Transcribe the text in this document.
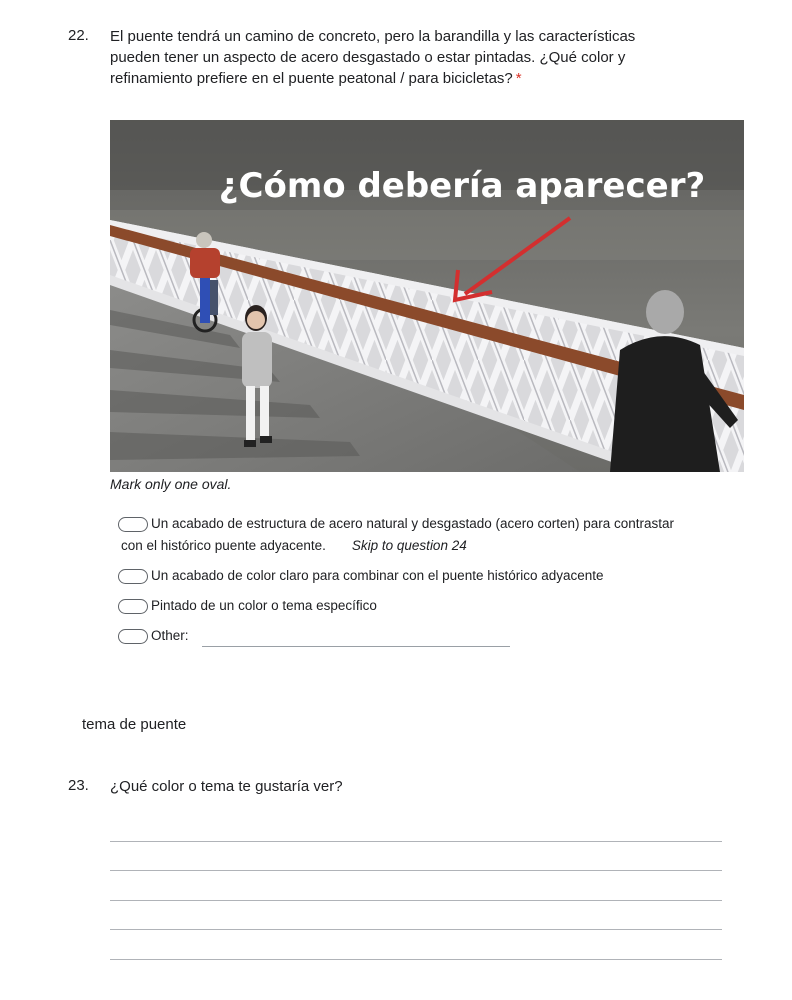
22. El puente tendrá un camino de concreto, pero la barandilla y las características
pueden tener un aspecto de acero desgastado o estar pintadas. ¿Qué color y
refinamiento prefiere en el puente peatonal / para bicicletas? *
¿Cómo debería aparecer?
Mark only one oval.
Un acabado de estructura de acero natural y desgastado (acero corten) para contrastar
con el histórico puente adyacente. Skip to question 24
Un acabado de color claro para combinar con el puente histórico adyacente
Pintado de un color o tema específico
Other:
tema de puente
23. ¿Qué color o tema te gustaría ver?
